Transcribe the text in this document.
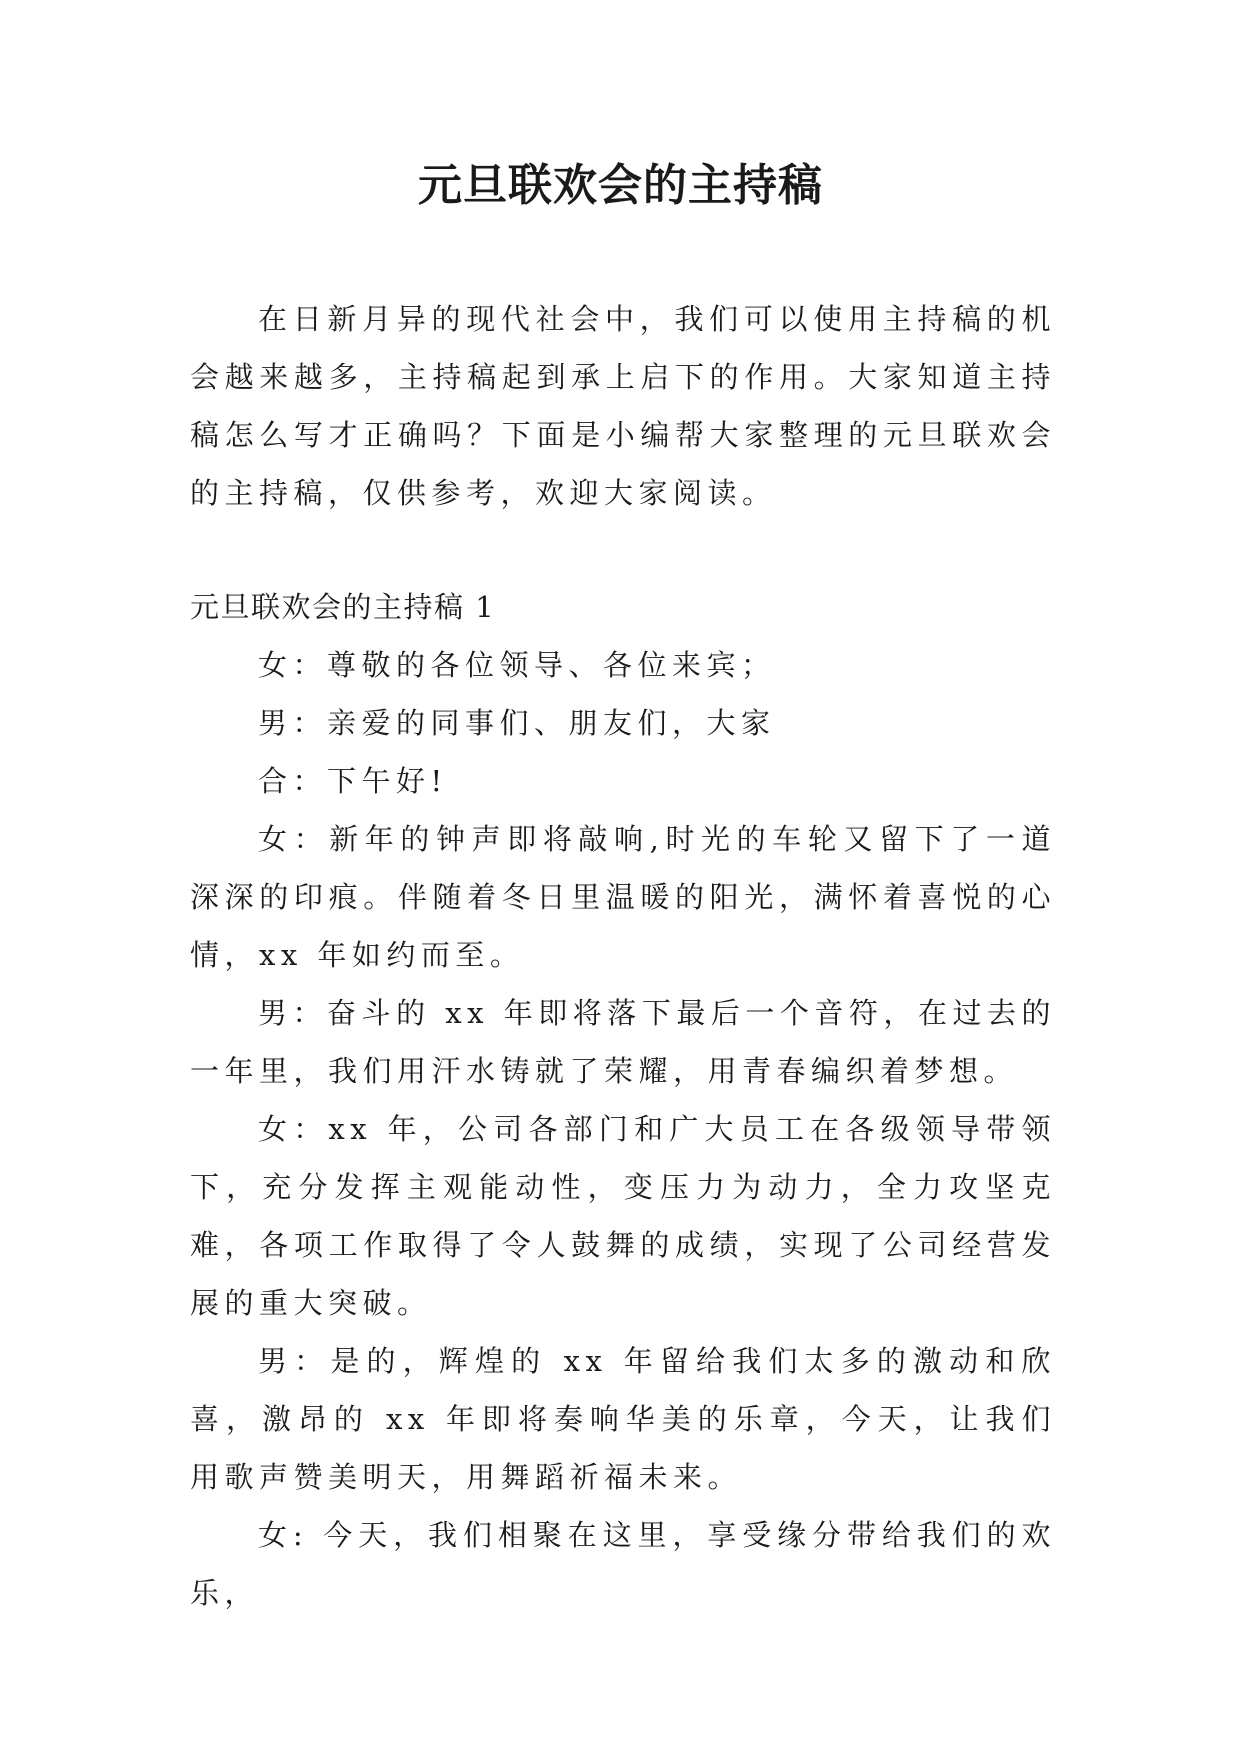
元旦联欢会的主持稿

在日新月异的现代社会中，我们可以使用主持稿的机会越来越多，主持稿起到承上启下的作用。大家知道主持稿怎么写才正确吗？下面是小编帮大家整理的元旦联欢会的主持稿，仅供参考，欢迎大家阅读。

元旦联欢会的主持稿 1

女：尊敬的各位领导、各位来宾；

男：亲爱的同事们、朋友们，大家

合：下午好!

女：新年的钟声即将敲响,时光的车轮又留下了一道深深的印痕。伴随着冬日里温暖的阳光，满怀着喜悦的心情，xx 年如约而至。

男：奋斗的 xx 年即将落下最后一个音符，在过去的一年里，我们用汗水铸就了荣耀，用青春编织着梦想。

女：xx 年，公司各部门和广大员工在各级领导带领下，充分发挥主观能动性，变压力为动力，全力攻坚克难，各项工作取得了令人鼓舞的成绩，实现了公司经营发展的重大突破。

男：是的，辉煌的 xx 年留给我们太多的激动和欣喜，激昂的 xx 年即将奏响华美的乐章，今天，让我们用歌声赞美明天，用舞蹈祈福未来。

女: 今天，我们相聚在这里，享受缘分带给我们的欢乐，
